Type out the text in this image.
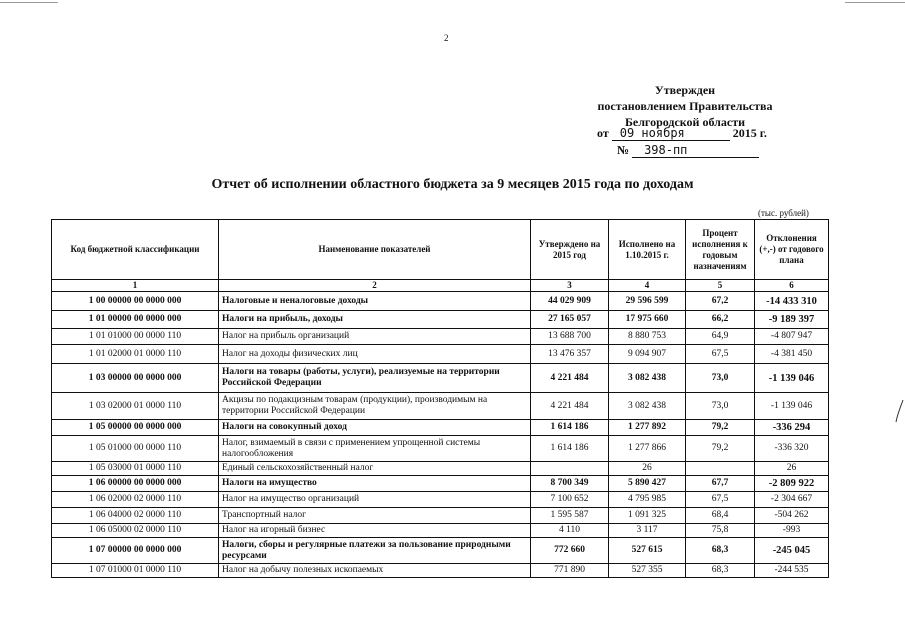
2
Утвержден
постановлением Правительства
Белгородской области
от 09 ноября	2015 г.
№ 398-пп
Отчет об исполнении областного бюджета за 9 месяцев 2015 года по доходам
(тыс. рублей)
Код бюджетной классификации	Наименование показателей	Утверждено на 2015 год	Исполнено на 1.10.2015 г.	Процент исполнения к годовым назначениям	Отклонения (+,-) от годового плана
1	2	3	4	5	6
1 00 00000 00 0000 000	Налоговые и неналоговые доходы	44 029 909	29 596 599	67,2	-14 433 310
1 01 00000 00 0000 000	Налоги на прибыль, доходы	27 165 057	17 975 660	66,2	-9 189 397
1 01 01000 00 0000 110	Налог на прибыль организаций	13 688 700	8 880 753	64,9	-4 807 947
1 01 02000 01 0000 110	Налог на доходы физических лиц	13 476 357	9 094 907	67,5	-4 381 450
1 03 00000 00 0000 000	Налоги на товары (работы, услуги), реализуемые на территории Российской Федерации	4 221 484	3 082 438	73,0	-1 139 046
1 03 02000 01 0000 110	Акцизы по подакцизным товарам (продукции), производимым на территории Российской Федерации	4 221 484	3 082 438	73,0	-1 139 046
1 05 00000 00 0000 000	Налоги на совокупный доход	1 614 186	1 277 892	79,2	-336 294
1 05 01000 00 0000 110	Налог, взимаемый в связи с применением упрощенной системы налогообложения	1 614 186	1 277 866	79,2	-336 320
1 05 03000 01 0000 110	Единый сельскохозяйственный налог		26		26
1 06 00000 00 0000 000	Налоги на имущество	8 700 349	5 890 427	67,7	-2 809 922
1 06 02000 02 0000 110	Налог на имущество организаций	7 100 652	4 795 985	67,5	-2 304 667
1 06 04000 02 0000 110	Транспортный налог	1 595 587	1 091 325	68,4	-504 262
1 06 05000 02 0000 110	Налог на игорный бизнес	4 110	3 117	75,8	-993
1 07 00000 00 0000 000	Налоги, сборы и регулярные платежи за пользование природными ресурсами	772 660	527 615	68,3	-245 045
1 07 01000 01 0000 110	Налог на добычу полезных ископаемых	771 890	527 355	68,3	-244 535
